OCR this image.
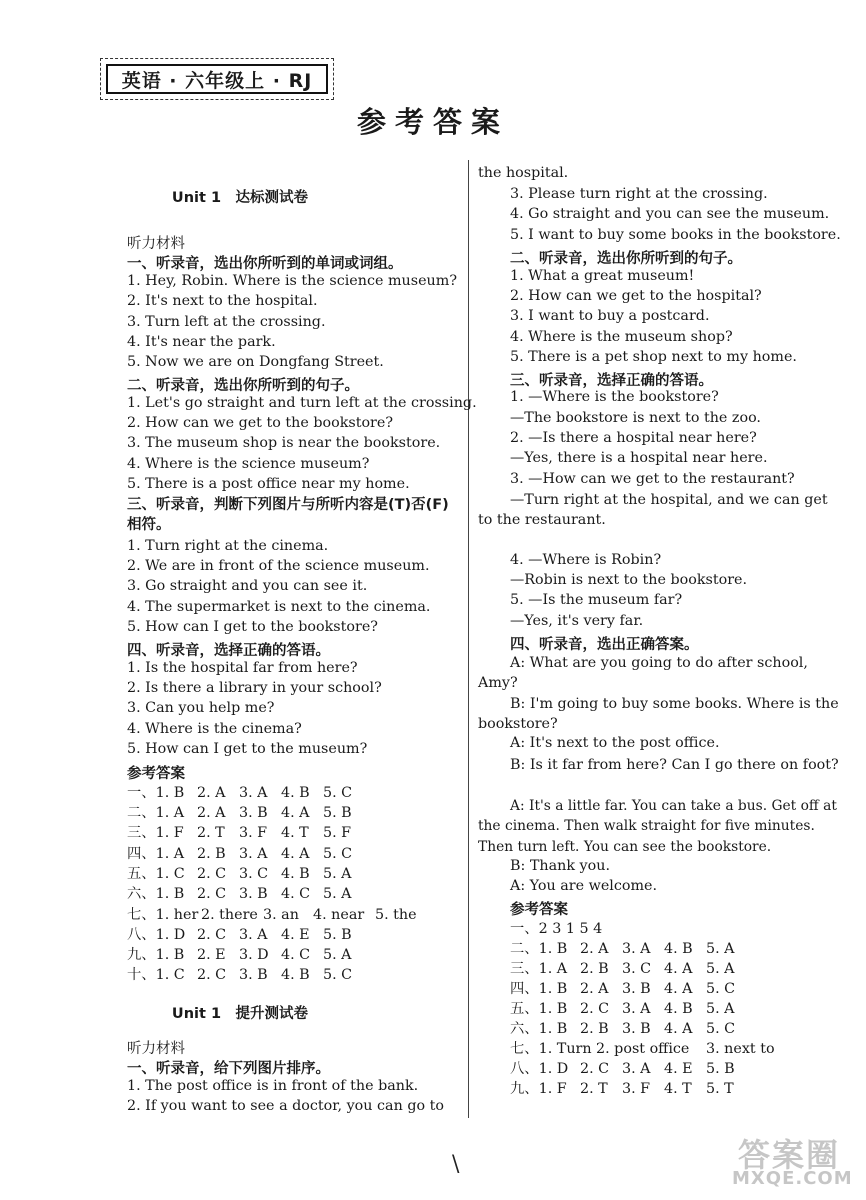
英语 · 六年级上 · RJ
参考答案
Unit 1　达标测试卷
听力材料
一、听录音，选出你所听到的单词或词组。
1. Hey, Robin. Where is the science museum?
2. It's next to the hospital.
3. Turn left at the crossing.
4. It's near the park.
5. Now we are on Dongfang Street.
二、听录音，选出你所听到的句子。
1. Let's go straight and turn left at the crossing.
2. How can we get to the bookstore?
3. The museum shop is near the bookstore.
4. Where is the science museum?
5. There is a post office near my home.
三、听录音，判断下列图片与所听内容是(T)否(F)相符。
1. Turn right at the cinema.
2. We are in front of the science museum.
3. Go straight and you can see it.
4. The supermarket is next to the cinema.
5. How can I get to the bookstore?
四、听录音，选择正确的答语。
1. Is the hospital far from here?
2. Is there a library in your school?
3. Can you help me?
4. Where is the cinema?
5. How can I get to the museum?
参考答案
一、1. B 2. A 3. A 4. B 5. C
二、1. A 2. A 3. B 4. A 5. B
三、1. F 2. T 3. F 4. T 5. F
四、1. A 2. B 3. A 4. A 5. C
五、1. C 2. C 3. C 4. B 5. A
六、1. B 2. C 3. B 4. C 5. A
七、1. her 2. there 3. an 4. near 5. the
八、1. D 2. C 3. A 4. E 5. B
九、1. B 2. E 3. D 4. C 5. A
十、1. C 2. C 3. B 4. B 5. C
Unit 1　提升测试卷
听力材料
一、听录音，给下列图片排序。
1. The post office is in front of the bank.
2. If you want to see a doctor, you can go to
the hospital.
3. Please turn right at the crossing.
4. Go straight and you can see the museum.
5. I want to buy some books in the bookstore.
二、听录音，选出你所听到的句子。
1. What a great museum!
2. How can we get to the hospital?
3. I want to buy a postcard.
4. Where is the museum shop?
5. There is a pet shop next to my home.
三、听录音，选择正确的答语。
1. —Where is the bookstore?
—The bookstore is next to the zoo.
2. —Is there a hospital near here?
—Yes, there is a hospital near here.
3. —How can we get to the restaurant?
—Turn right at the hospital, and we can get to the restaurant.
4. —Where is Robin?
—Robin is next to the bookstore.
5. —Is the museum far?
—Yes, it's very far.
四、听录音，选出正确答案。
A: What are you going to do after school, Amy?
B: I'm going to buy some books. Where is the bookstore?
A: It's next to the post office.
B: Is it far from here? Can I go there on foot?
A: It's a little far. You can take a bus. Get off at the cinema. Then walk straight for five minutes. Then turn left. You can see the bookstore.
B: Thank you.
A: You are welcome.
参考答案
一、2 3 1 5 4
二、1. B 2. A 3. A 4. B 5. A
三、1. A 2. B 3. C 4. A 5. A
四、1. B 2. A 3. B 4. A 5. C
五、1. B 2. C 3. A 4. B 5. A
六、1. B 2. B 3. B 4. A 5. C
七、1. Turn 2. post office 3. next to
八、1. D 2. C 3. A 4. E 5. B
九、1. F 2. T 3. F 4. T 5. T
\	答案圈
MXQE.COM
